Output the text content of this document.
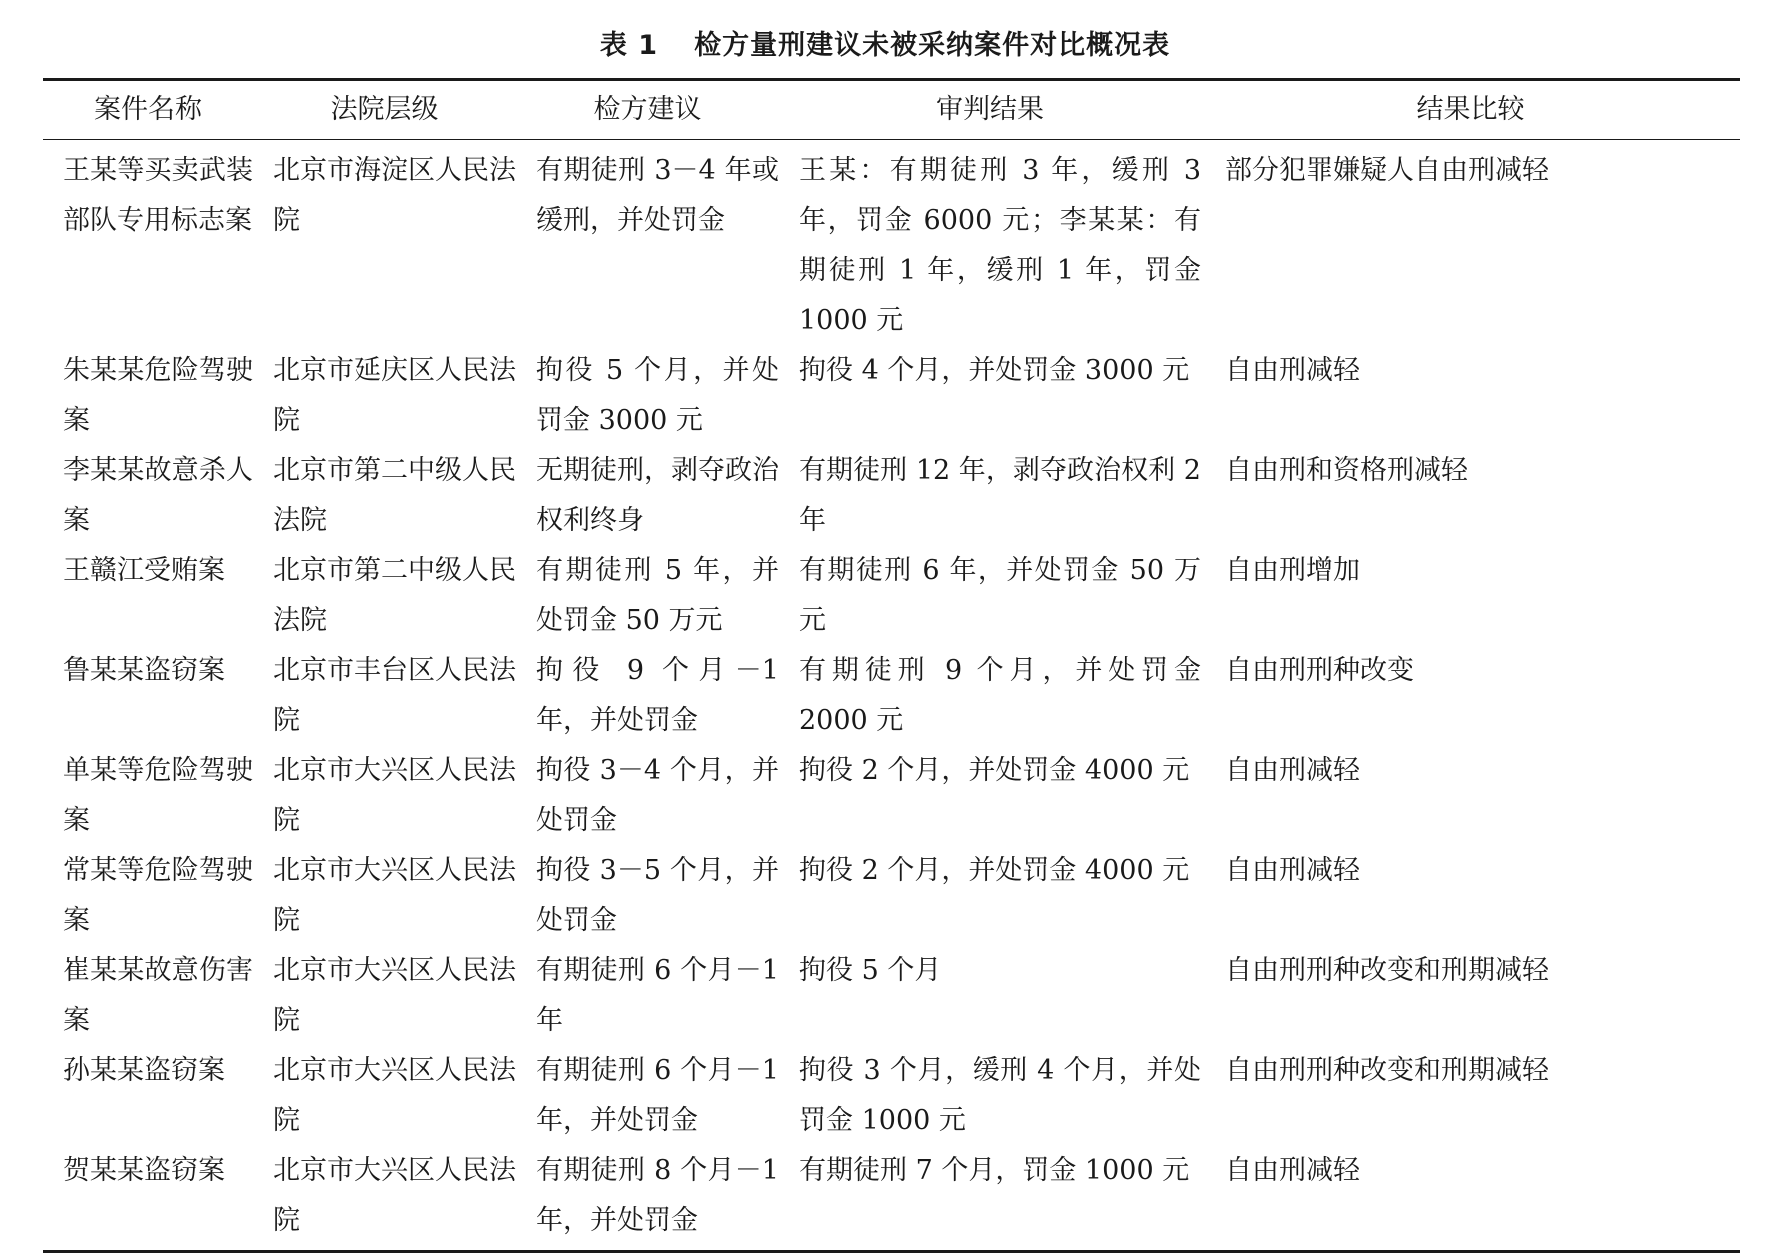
表 1 检方量刑建议未被采纳案件对比概况表
案件名称	法院层级	检方建议	审判结果	结果比较
王某等买卖武装部队专用标志案	北京市海淀区人民法院	有期徒刑 3－4 年或缓刑，并处罚金	王某：有期徒刑 3 年，缓刑 3 年，罚金 6000 元；李某某：有期徒刑 1 年，缓刑 1 年，罚金 1000 元	部分犯罪嫌疑人自由刑减轻
朱某某危险驾驶案	北京市延庆区人民法院	拘役 5 个月，并处罚金 3000 元	拘役 4 个月，并处罚金 3000 元	自由刑减轻
李某某故意杀人案	北京市第二中级人民法院	无期徒刑，剥夺政治权利终身	有期徒刑 12 年，剥夺政治权利 2 年	自由刑和资格刑减轻
王赣江受贿案	北京市第二中级人民法院	有期徒刑 5 年，并处罚金 50 万元	有期徒刑 6 年，并处罚金 50 万元	自由刑增加
鲁某某盗窃案	北京市丰台区人民法院	拘役 9 个月－1 年，并处罚金	有期徒刑 9 个月，并处罚金 2000 元	自由刑刑种改变
单某等危险驾驶案	北京市大兴区人民法院	拘役 3－4 个月，并处罚金	拘役 2 个月，并处罚金 4000 元	自由刑减轻
常某等危险驾驶案	北京市大兴区人民法院	拘役 3－5 个月，并处罚金	拘役 2 个月，并处罚金 4000 元	自由刑减轻
崔某某故意伤害案	北京市大兴区人民法院	有期徒刑 6 个月－1 年	拘役 5 个月	自由刑刑种改变和刑期减轻
孙某某盗窃案	北京市大兴区人民法院	有期徒刑 6 个月－1 年，并处罚金	拘役 3 个月，缓刑 4 个月，并处罚金 1000 元	自由刑刑种改变和刑期减轻
贺某某盗窃案	北京市大兴区人民法院	有期徒刑 8 个月－1 年，并处罚金	有期徒刑 7 个月，罚金 1000 元	自由刑减轻
